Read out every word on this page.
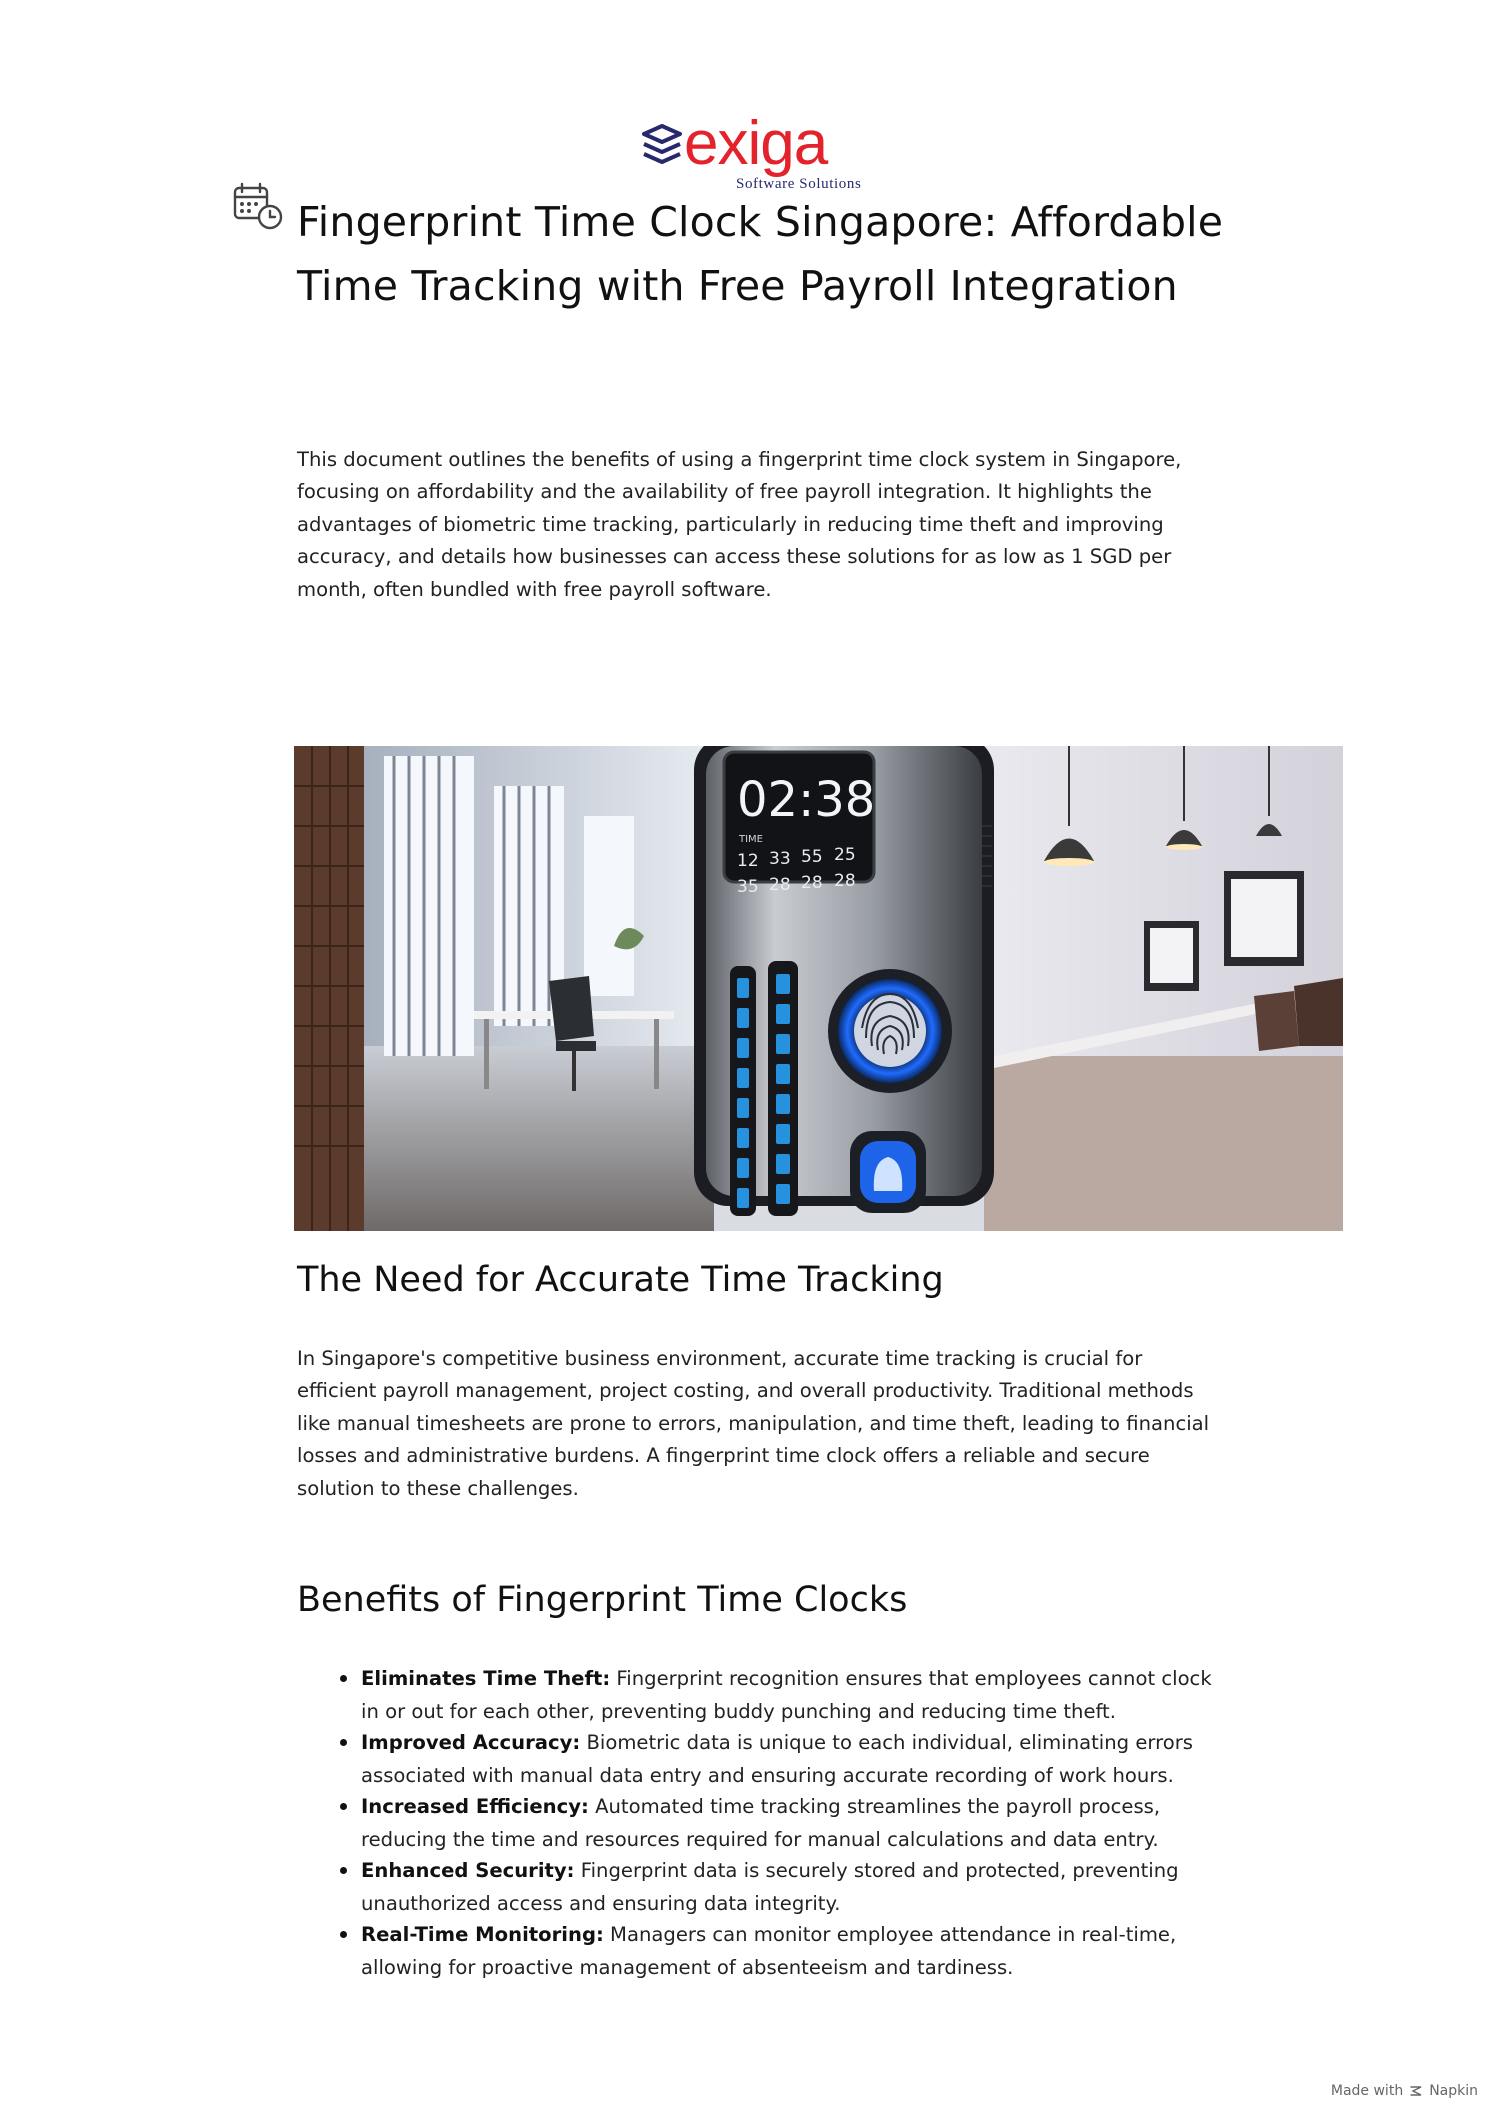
exiga
Software Solutions
Fingerprint Time Clock Singapore: Affordable Time Tracking with Free Payroll Integration

This document outlines the benefits of using a fingerprint time clock system in Singapore, focusing on affordability and the availability of free payroll integration. It highlights the advantages of biometric time tracking, particularly in reducing time theft and improving accuracy, and details how businesses can access these solutions for as low as 1 SGD per month, often bundled with free payroll software.

02:38
TIME
12 33 55 25
35 28 28 28
The Need for Accurate Time Tracking

In Singapore's competitive business environment, accurate time tracking is crucial for efficient payroll management, project costing, and overall productivity. Traditional methods like manual timesheets are prone to errors, manipulation, and time theft, leading to financial losses and administrative burdens. A fingerprint time clock offers a reliable and secure solution to these challenges.

Benefits of Fingerprint Time Clocks
Eliminates Time Theft: Fingerprint recognition ensures that employees cannot clock in or out for each other, preventing buddy punching and reducing time theft.
Improved Accuracy: Biometric data is unique to each individual, eliminating errors associated with manual data entry and ensuring accurate recording of work hours.
Increased Efficiency: Automated time tracking streamlines the payroll process, reducing the time and resources required for manual calculations and data entry.
Enhanced Security: Fingerprint data is securely stored and protected, preventing unauthorized access and ensuring data integrity.
Real-Time Monitoring: Managers can monitor employee attendance in real-time, allowing for proactive management of absenteeism and tardiness.
Made with Napkin
